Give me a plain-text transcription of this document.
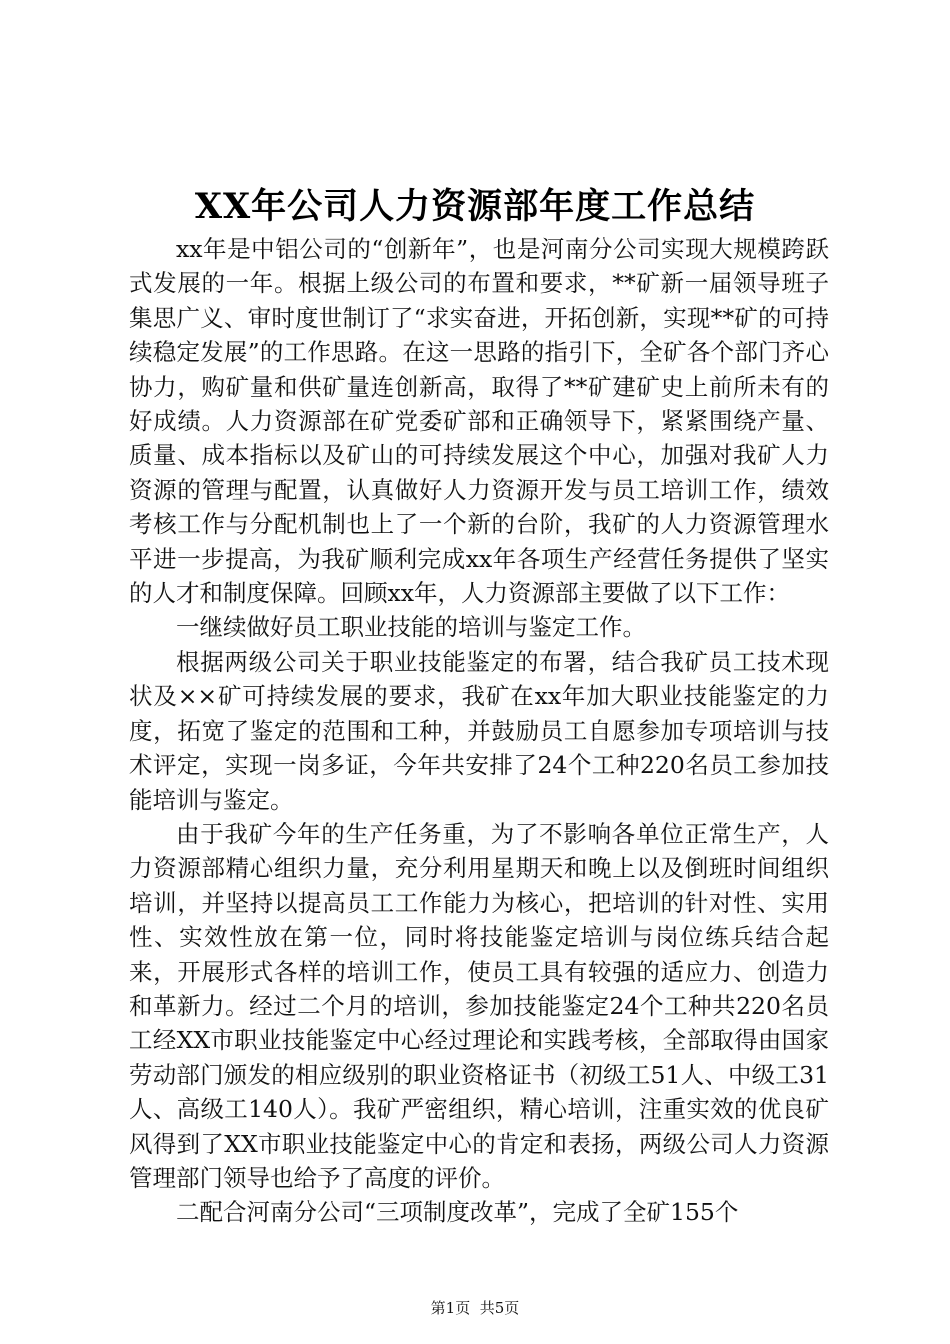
XX年公司人力资源部年度工作总结

xx年是中铝公司的“创新年”，也是河南分公司实现大规模跨跃式发展的一年。根据上级公司的布置和要求，**矿新一届领导班子集思广义、审时度世制订了“求实奋进，开拓创新，实现**矿的可持续稳定发展”的工作思路。在这一思路的指引下，全矿各个部门齐心协力，购矿量和供矿量连创新高，取得了**矿建矿史上前所未有的好成绩。人力资源部在矿党委矿部和正确领导下，紧紧围绕产量、质量、成本指标以及矿山的可持续发展这个中心，加强对我矿人力资源的管理与配置，认真做好人力资源开发与员工培训工作，绩效考核工作与分配机制也上了一个新的台阶，我矿的人力资源管理水平进一步提高，为我矿顺利完成xx年各项生产经营任务提供了坚实的人才和制度保障。回顾xx年，人力资源部主要做了以下工作：

一继续做好员工职业技能的培训与鉴定工作。

根据两级公司关于职业技能鉴定的布署，结合我矿员工技术现状及××矿可持续发展的要求，我矿在xx年加大职业技能鉴定的力度，拓宽了鉴定的范围和工种，并鼓励员工自愿参加专项培训与技术评定，实现一岗多证，今年共安排了24个工种220名员工参加技能培训与鉴定。

由于我矿今年的生产任务重，为了不影响各单位正常生产，人力资源部精心组织力量，充分利用星期天和晚上以及倒班时间组织培训，并坚持以提高员工工作能力为核心，把培训的针对性、实用性、实效性放在第一位，同时将技能鉴定培训与岗位练兵结合起来，开展形式各样的培训工作，使员工具有较强的适应力、创造力和革新力。经过二个月的培训，参加技能鉴定24个工种共220名员工经XX市职业技能鉴定中心经过理论和实践考核，全部取得由国家劳动部门颁发的相应级别的职业资格证书（初级工51人、中级工31人、高级工140人）。我矿严密组织，精心培训，注重实效的优良矿风得到了XX市职业技能鉴定中心的肯定和表扬，两级公司人力资源管理部门领导也给予了高度的评价。

二配合河南分公司“三项制度改革”，完成了全矿155个

第1页 共5页
